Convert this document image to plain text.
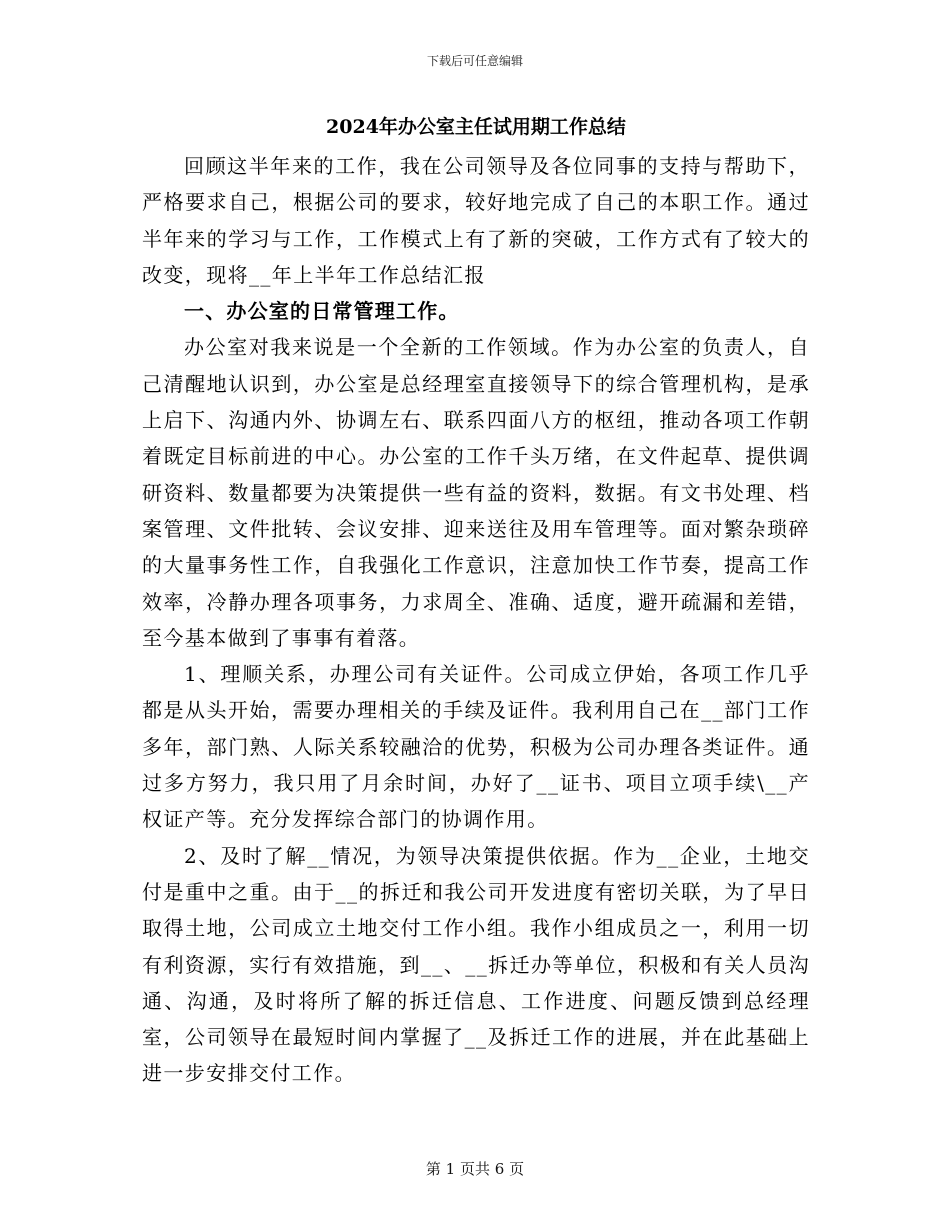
下载后可任意编辑
2024年办公室主任试用期工作总结

回顾这半年来的工作，我在公司领导及各位同事的支持与帮助下，严格要求自己，根据公司的要求，较好地完成了自己的本职工作。通过半年来的学习与工作，工作模式上有了新的突破，工作方式有了较大的改变，现将__年上半年工作总结汇报

一、办公室的日常管理工作。

办公室对我来说是一个全新的工作领域。作为办公室的负责人，自己清醒地认识到，办公室是总经理室直接领导下的综合管理机构，是承上启下、沟通内外、协调左右、联系四面八方的枢纽，推动各项工作朝着既定目标前进的中心。办公室的工作千头万绪，在文件起草、提供调研资料、数量都要为决策提供一些有益的资料，数据。有文书处理、档案管理、文件批转、会议安排、迎来送往及用车管理等。面对繁杂琐碎的大量事务性工作，自我强化工作意识，注意加快工作节奏，提高工作效率，冷静办理各项事务，力求周全、准确、适度，避开疏漏和差错，至今基本做到了事事有着落。

1、理顺关系，办理公司有关证件。公司成立伊始，各项工作几乎都是从头开始，需要办理相关的手续及证件。我利用自己在__部门工作多年，部门熟、人际关系较融洽的优势，积极为公司办理各类证件。通过多方努力，我只用了月余时间，办好了__证书、项目立项手续\__产权证产等。充分发挥综合部门的协调作用。

2、及时了解__情况，为领导决策提供依据。作为__企业，土地交付是重中之重。由于__的拆迁和我公司开发进度有密切关联，为了早日取得土地，公司成立土地交付工作小组。我作小组成员之一，利用一切有利资源，实行有效措施，到__、__拆迁办等单位，积极和有关人员沟通、沟通，及时将所了解的拆迁信息、工作进度、问题反馈到总经理室，公司领导在最短时间内掌握了__及拆迁工作的进展，并在此基础上进一步安排交付工作。

第 1 页共 6 页
